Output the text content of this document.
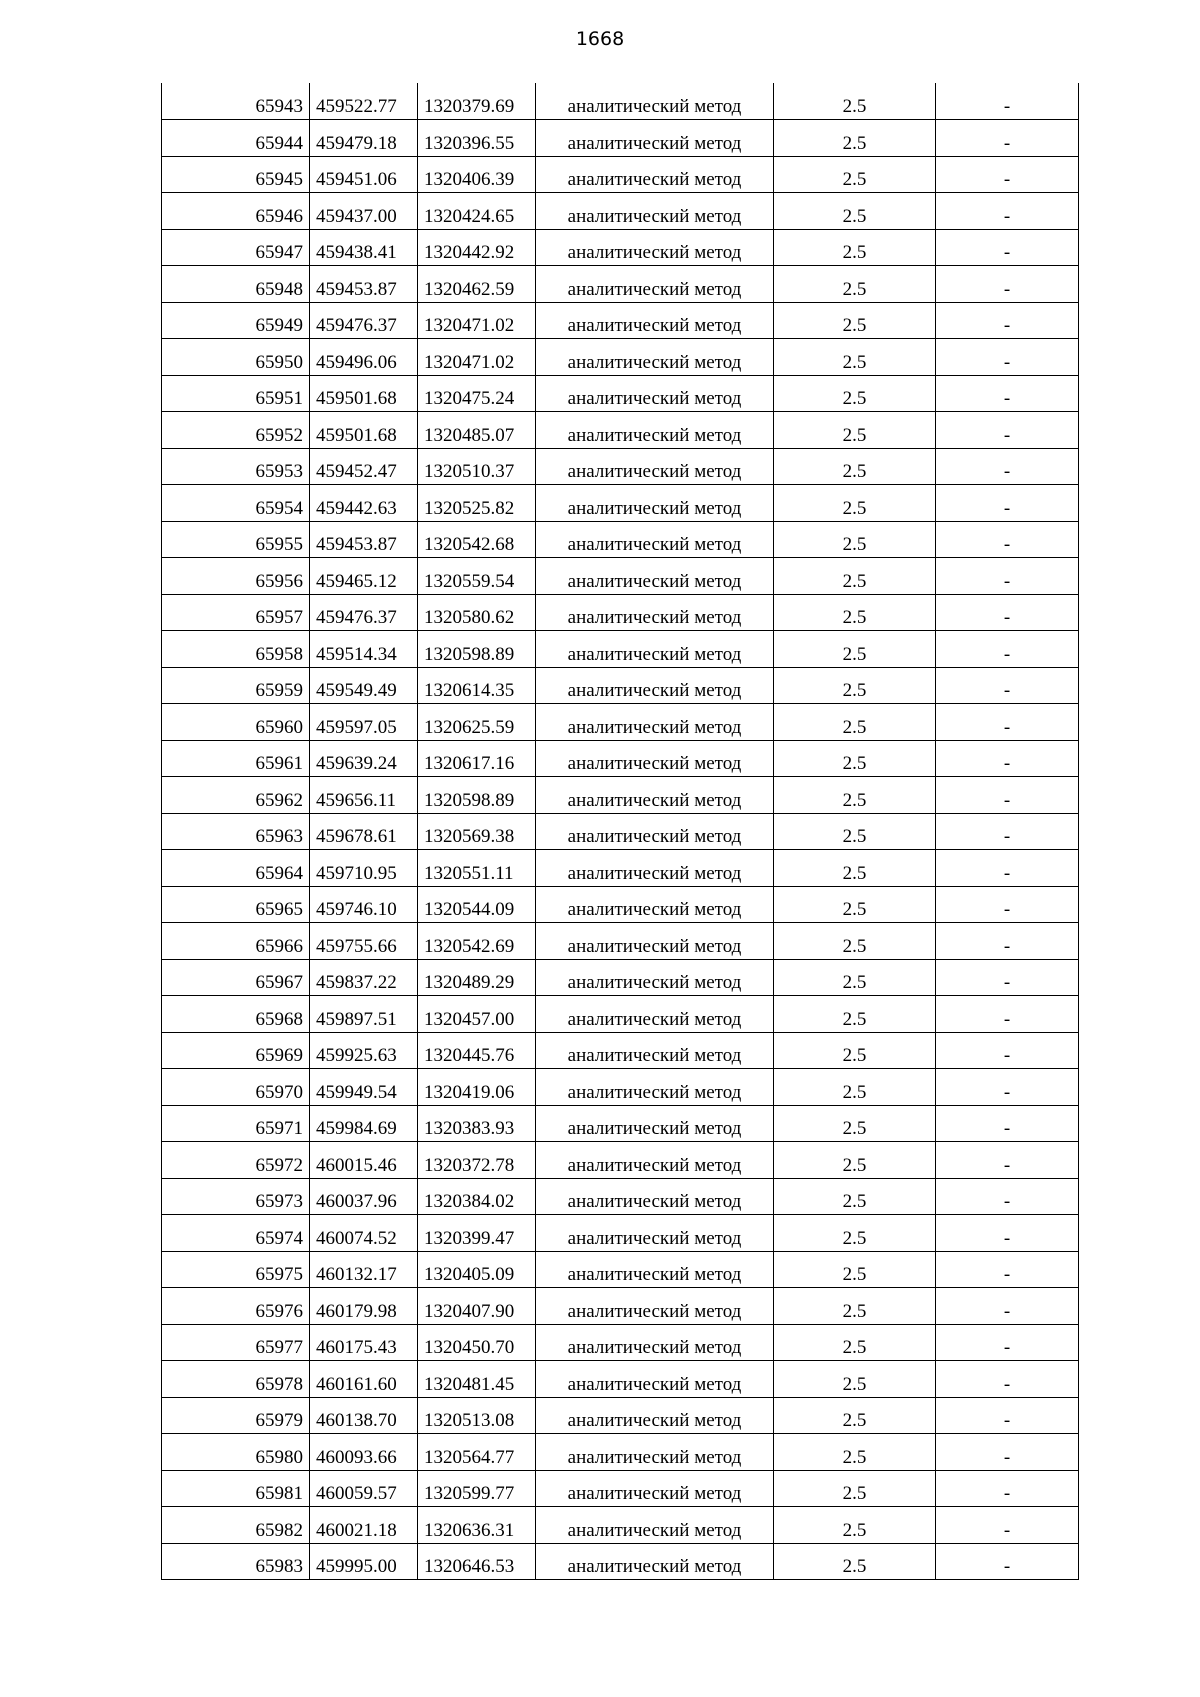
1668
65943	459522.77	1320379.69	аналитический метод	2.5	-
65944	459479.18	1320396.55	аналитический метод	2.5	-
65945	459451.06	1320406.39	аналитический метод	2.5	-
65946	459437.00	1320424.65	аналитический метод	2.5	-
65947	459438.41	1320442.92	аналитический метод	2.5	-
65948	459453.87	1320462.59	аналитический метод	2.5	-
65949	459476.37	1320471.02	аналитический метод	2.5	-
65950	459496.06	1320471.02	аналитический метод	2.5	-
65951	459501.68	1320475.24	аналитический метод	2.5	-
65952	459501.68	1320485.07	аналитический метод	2.5	-
65953	459452.47	1320510.37	аналитический метод	2.5	-
65954	459442.63	1320525.82	аналитический метод	2.5	-
65955	459453.87	1320542.68	аналитический метод	2.5	-
65956	459465.12	1320559.54	аналитический метод	2.5	-
65957	459476.37	1320580.62	аналитический метод	2.5	-
65958	459514.34	1320598.89	аналитический метод	2.5	-
65959	459549.49	1320614.35	аналитический метод	2.5	-
65960	459597.05	1320625.59	аналитический метод	2.5	-
65961	459639.24	1320617.16	аналитический метод	2.5	-
65962	459656.11	1320598.89	аналитический метод	2.5	-
65963	459678.61	1320569.38	аналитический метод	2.5	-
65964	459710.95	1320551.11	аналитический метод	2.5	-
65965	459746.10	1320544.09	аналитический метод	2.5	-
65966	459755.66	1320542.69	аналитический метод	2.5	-
65967	459837.22	1320489.29	аналитический метод	2.5	-
65968	459897.51	1320457.00	аналитический метод	2.5	-
65969	459925.63	1320445.76	аналитический метод	2.5	-
65970	459949.54	1320419.06	аналитический метод	2.5	-
65971	459984.69	1320383.93	аналитический метод	2.5	-
65972	460015.46	1320372.78	аналитический метод	2.5	-
65973	460037.96	1320384.02	аналитический метод	2.5	-
65974	460074.52	1320399.47	аналитический метод	2.5	-
65975	460132.17	1320405.09	аналитический метод	2.5	-
65976	460179.98	1320407.90	аналитический метод	2.5	-
65977	460175.43	1320450.70	аналитический метод	2.5	-
65978	460161.60	1320481.45	аналитический метод	2.5	-
65979	460138.70	1320513.08	аналитический метод	2.5	-
65980	460093.66	1320564.77	аналитический метод	2.5	-
65981	460059.57	1320599.77	аналитический метод	2.5	-
65982	460021.18	1320636.31	аналитический метод	2.5	-
65983	459995.00	1320646.53	аналитический метод	2.5	-
